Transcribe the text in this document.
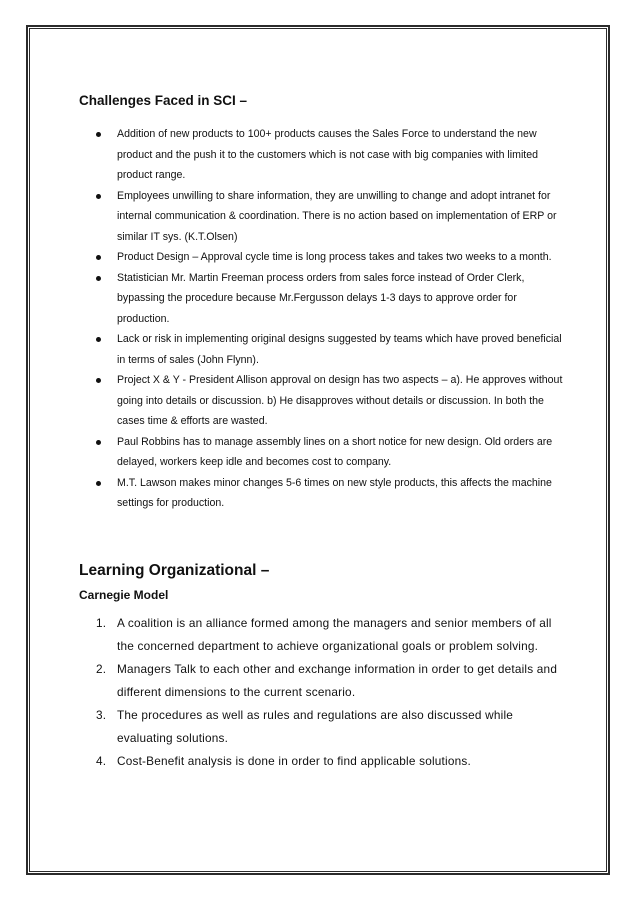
Challenges Faced in SCI –
Addition of new products to 100+ products causes the Sales Force to understand the new product and the push it to the customers which is not case with big companies with limited product range.
Employees unwilling to share information, they are unwilling to change and adopt intranet for internal communication & coordination. There is no action based on implementation of ERP or similar IT sys. (K.T.Olsen)
Product Design – Approval cycle time is long process takes and takes two weeks to a month.
Statistician Mr. Martin Freeman process orders from sales force instead of Order Clerk, bypassing the procedure because Mr.Fergusson delays 1-3 days to approve order for production.
Lack or risk in implementing original designs suggested by teams which have proved beneficial in terms of sales (John Flynn).
Project X & Y - President Allison approval on design has two aspects – a). He approves without going into details or discussion. b) He disapproves without details or discussion. In both the cases time & efforts are wasted.
Paul Robbins has to manage assembly lines on a short notice for new design. Old orders are delayed, workers keep idle and becomes cost to company.
M.T. Lawson makes minor changes 5-6 times on new style products, this affects the machine settings for production.
Learning Organizational –
Carnegie Model
1. A coalition is an alliance formed among the managers and senior members of all the concerned department to achieve organizational goals or problem solving.
2. Managers Talk to each other and exchange information in order to get details and different dimensions to the current scenario.
3. The procedures as well as rules and regulations are also discussed while evaluating solutions.
4. Cost-Benefit analysis is done in order to find applicable solutions.
